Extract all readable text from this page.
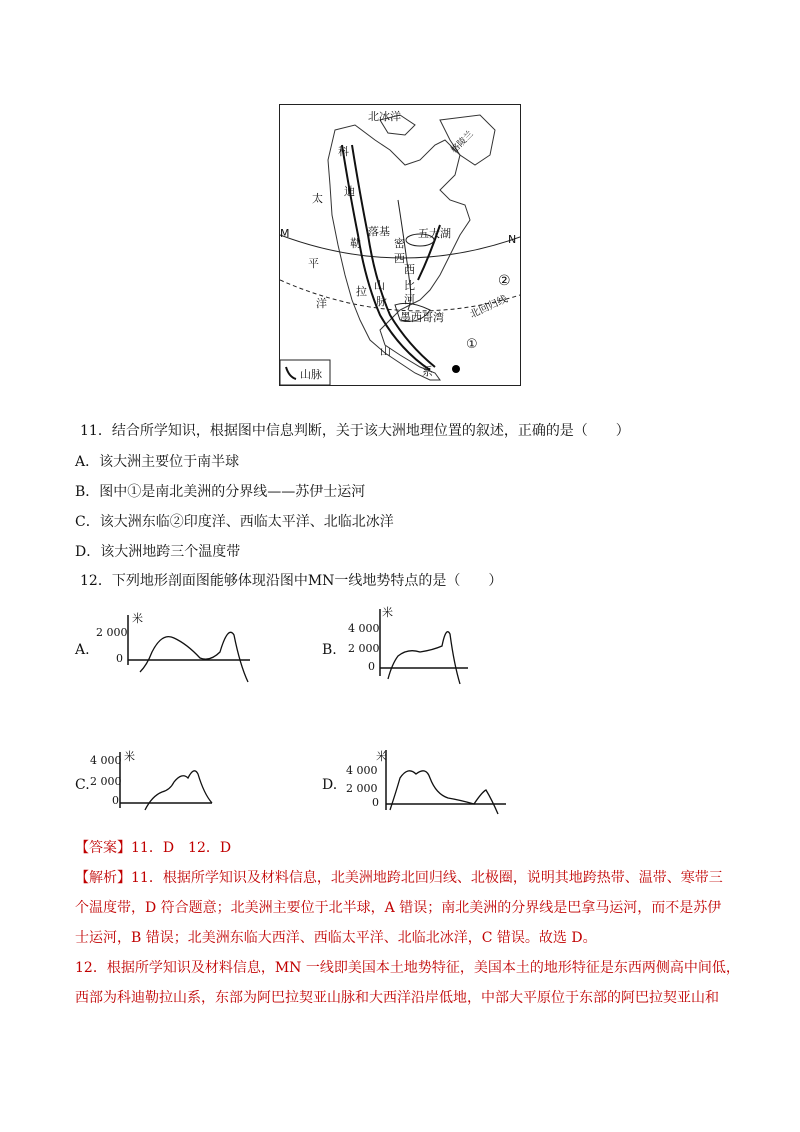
北冰洋
太
平
洋
M	N
科
迪
勒
拉 山
脉
落基
密
西
西
比
河
五大湖
墨西哥湾
格陵兰
北回归线
②
①
山
系
山脉
11．结合所学知识，根据图中信息判断，关于该大洲地理位置的叙述，正确的是（　　）
A．该大洲主要位于南半球
B．图中①是南北美洲的分界线——苏伊士运河
C．该大洲东临②印度洋、西临太平洋、北临北冰洋
D．该大洲地跨三个温度带
12．下列地形剖面图能够体现沿图中MN一线地势特点的是（　　）
A.
2 000
0
米
B.
4 000
2 000
0
米
C.
4 000
2 000
0
米
D.
4 000
2 000
0
米
【答案】11．D　12．D
【解析】11．根据所学知识及材料信息，北美洲地跨北回归线、北极圈，说明其地跨热带、温带、寒带三
个温度带，D 符合题意；北美洲主要位于北半球，A 错误；南北美洲的分界线是巴拿马运河，而不是苏伊
士运河，B 错误；北美洲东临大西洋、西临太平洋、北临北冰洋，C 错误。故选 D。
12．根据所学知识及材料信息，MN 一线即美国本土地势特征，美国本土的地形特征是东西两侧高中间低，
西部为科迪勒拉山系，东部为阿巴拉契亚山脉和大西洋沿岸低地，中部大平原位于东部的阿巴拉契亚山和
